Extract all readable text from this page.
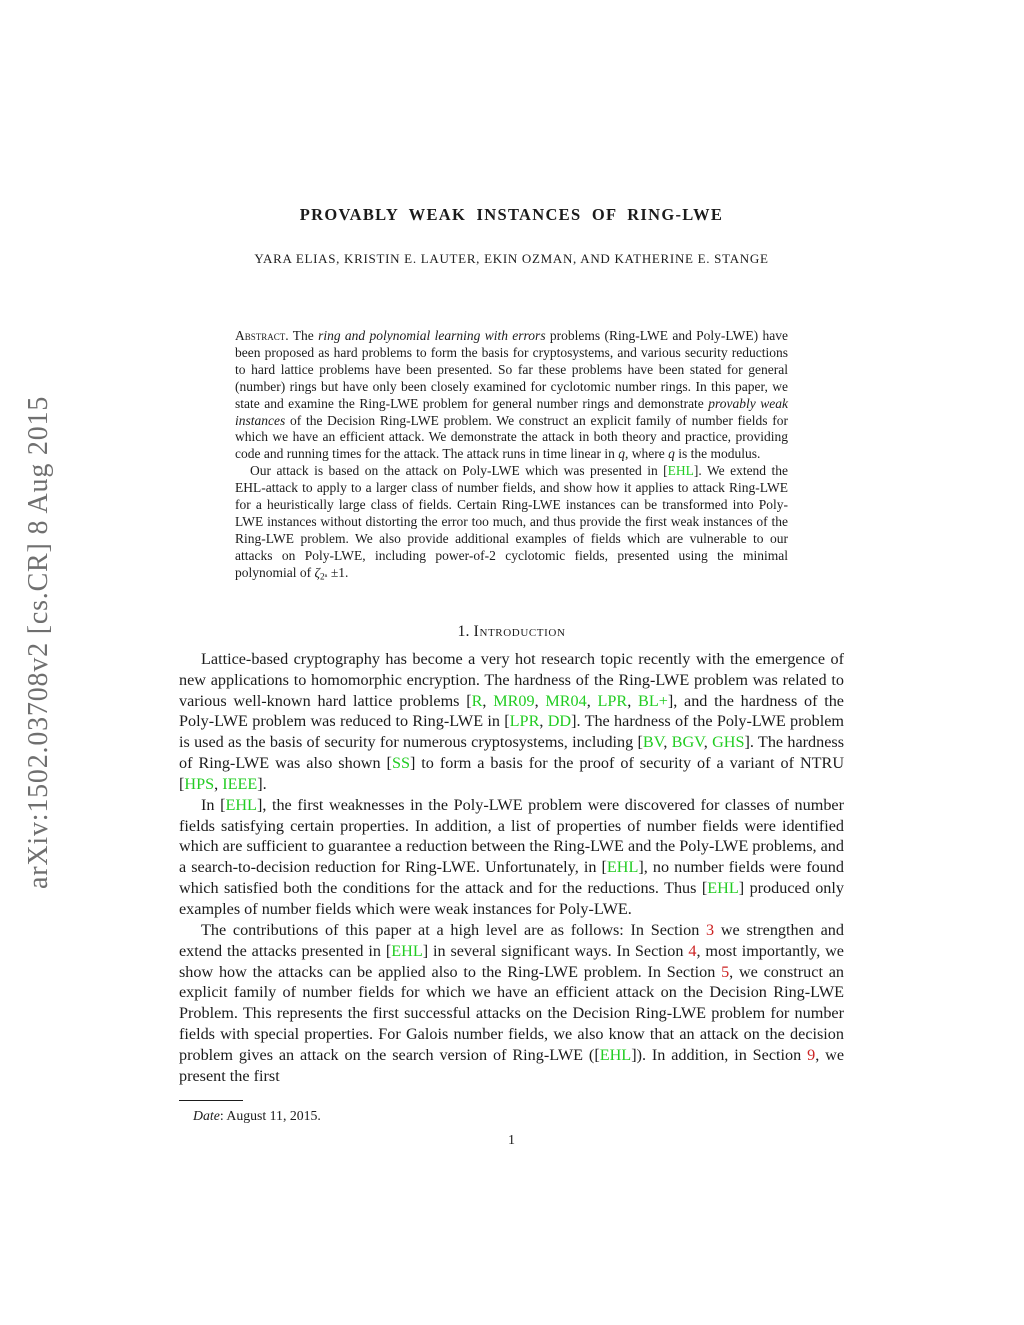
arXiv:1502.03708v2 [cs.CR] 8 Aug 2015
PROVABLY WEAK INSTANCES OF RING-LWE
YARA ELIAS, KRISTIN E. LAUTER, EKIN OZMAN, AND KATHERINE E. STANGE

Abstract. The ring and polynomial learning with errors problems (Ring-LWE and Poly-LWE) have been proposed as hard problems to form the basis for cryptosystems, and various security reductions to hard lattice problems have been presented. So far these problems have been stated for general (number) rings but have only been closely examined for cyclotomic number rings. In this paper, we state and examine the Ring-LWE problem for general number rings and demonstrate provably weak instances of the Decision Ring-LWE problem. We construct an explicit family of number fields for which we have an efficient attack. We demonstrate the attack in both theory and practice, providing code and running times for the attack. The attack runs in time linear in q, where q is the modulus.

Our attack is based on the attack on Poly-LWE which was presented in [EHL]. We extend the EHL-attack to apply to a larger class of number fields, and show how it applies to attack Ring-LWE for a heuristically large class of fields. Certain Ring-LWE instances can be transformed into Poly-LWE instances without distorting the error too much, and thus provide the first weak instances of the Ring-LWE problem. We also provide additional examples of fields which are vulnerable to our attacks on Poly-LWE, including power-of-2 cyclotomic fields, presented using the minimal polynomial of ζ2ⁿ ±1.

1. Introduction

Lattice-based cryptography has become a very hot research topic recently with the emergence of new applications to homomorphic encryption. The hardness of the Ring-LWE problem was related to various well-known hard lattice problems [R, MR09, MR04, LPR, BL+], and the hardness of the Poly-LWE problem was reduced to Ring-LWE in [LPR, DD]. The hardness of the Poly-LWE problem is used as the basis of security for numerous cryptosystems, including [BV, BGV, GHS]. The hardness of Ring-LWE was also shown [SS] to form a basis for the proof of security of a variant of NTRU [HPS, IEEE].

In [EHL], the first weaknesses in the Poly-LWE problem were discovered for classes of number fields satisfying certain properties. In addition, a list of properties of number fields were identified which are sufficient to guarantee a reduction between the Ring-LWE and the Poly-LWE problems, and a search-to-decision reduction for Ring-LWE. Unfortunately, in [EHL], no number fields were found which satisfied both the conditions for the attack and for the reductions. Thus [EHL] produced only examples of number fields which were weak instances for Poly-LWE.

The contributions of this paper at a high level are as follows: In Section 3 we strengthen and extend the attacks presented in [EHL] in several significant ways. In Section 4, most importantly, we show how the attacks can be applied also to the Ring-LWE problem. In Section 5, we construct an explicit family of number fields for which we have an efficient attack on the Decision Ring-LWE Problem. This represents the first successful attacks on the Decision Ring-LWE problem for number fields with special properties. For Galois number fields, we also know that an attack on the decision problem gives an attack on the search version of Ring-LWE ([EHL]). In addition, in Section 9, we present the first

Date: August 11, 2015.

1
